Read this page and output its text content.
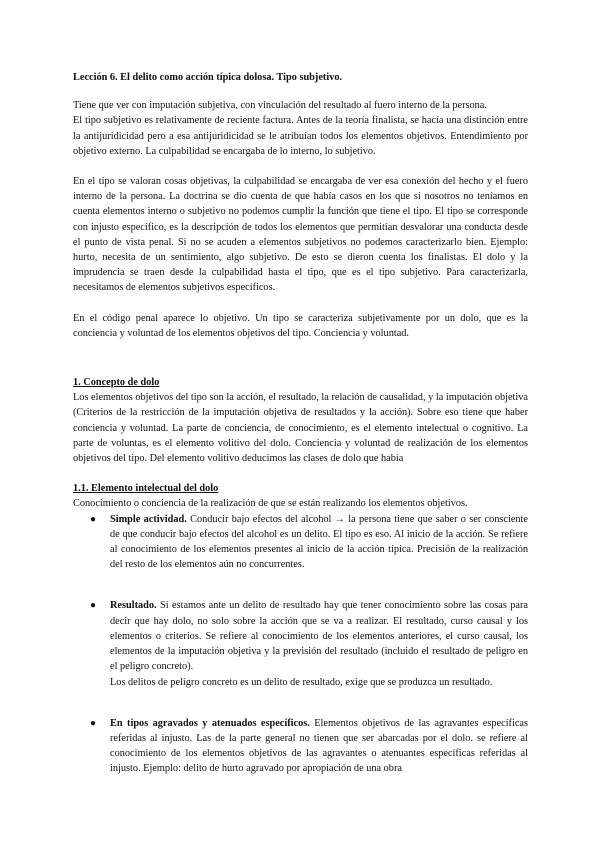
Lección 6. El delito como acción típica dolosa. Tipo subjetivo.

Tiene que ver con imputación subjetiva, con vinculación del resultado al fuero interno de la persona.

El tipo subjetivo es relativamente de reciente factura. Antes de la teoría finalista, se hacía una distinción entre la antijuridicidad pero a esa antijuridicidad se le atribuían todos los elementos objetivos. Entendimiento por objetivo externo. La culpabilidad se encargaba de lo interno, lo subjetivo.

En el tipo se valoran cosas objetivas, la culpabilidad se encargaba de ver esa conexión del hecho y el fuero interno de la persona. La doctrina se dio cuenta de que había casos en los que si nosotros no teníamos en cuenta elementos interno o subjetivo no podemos cumplir la función que tiene el tipo. El tipo se corresponde con injusto específico, es la descripción de todos los elementos que permitían desvalorar una conducta desde el punto de vista penal. Si no se acuden a elementos subjetivos no podemos caracterizarlo bien. Ejemplo: hurto, necesita de un sentimiento, algo subjetivo. De esto se dieron cuenta los finalistas. El dolo y la imprudencia se traen desde la culpabilidad hasta el tipo, que es el tipo subjetivo. Para caracterizarla, necesitamos de elementos subjetivos específicos.

En el código penal aparece lo objetivo. Un tipo se caracteriza subjetivamente por un dolo, que es la conciencia y voluntad de los elementos objetivos del tipo. Conciencia y voluntad.

1. Concepto de dolo

Los elementos objetivos del tipo son la acción, el resultado, la relación de causalidad, y la imputación objetiva (Criterios de la restricción de la imputación objetiva de resultados y la acción). Sobre eso tiene que haber conciencia y voluntad. La parte de conciencia, de conocimiento, es el elemento intelectual o cognitivo. La parte de voluntas, es el elemento volitivo del dolo. Conciencia y voluntad de realización de los elementos objetivos del tipo. Del elemento volitivo deducimos las clases de dolo que había

1.1. Elemento intelectual del dolo

Conocimiento o conciencia de la realización de que se están realizando los elementos objetivos.

● Simple actividad. Conducir bajo efectos del alcohol → la persona tiene que saber o ser consciente de que conducir bajo efectos del alcohol es un delito. El tipo es eso. Al inicio de la acción. Se refiere al conocimiento de los elementos presentes al inicio de la acción típica. Precisión de la realización del resto de los elementos aún no concurrentes.
● Resultado. Si estamos ante un delito de resultado hay que tener conocimiento sobre las cosas para decir que hay dolo, no solo sobre la acción que se va a realizar. El resultado, curso causal y los elementos o criterios. Se refiere al conocimiento de los elementos anteriores, el curso causal, los elementos de la imputación objetiva y la previsión del resultado (incluido el resultado de peligro en el peligro concreto).
Los delitos de peligro concreto es un delito de resultado, exige que se produzca un resultado.
● En tipos agravados y atenuados específicos. Elementos objetivos de las agravantes específicas referidas al injusto. Las de la parte general no tienen que ser abarcadas por el dolo. se refiere al conocimiento de los elementos objetivos de las agravantes o atenuantes específicas referidas al injusto. Ejemplo: delito de hurto agravado por apropiación de una obra
